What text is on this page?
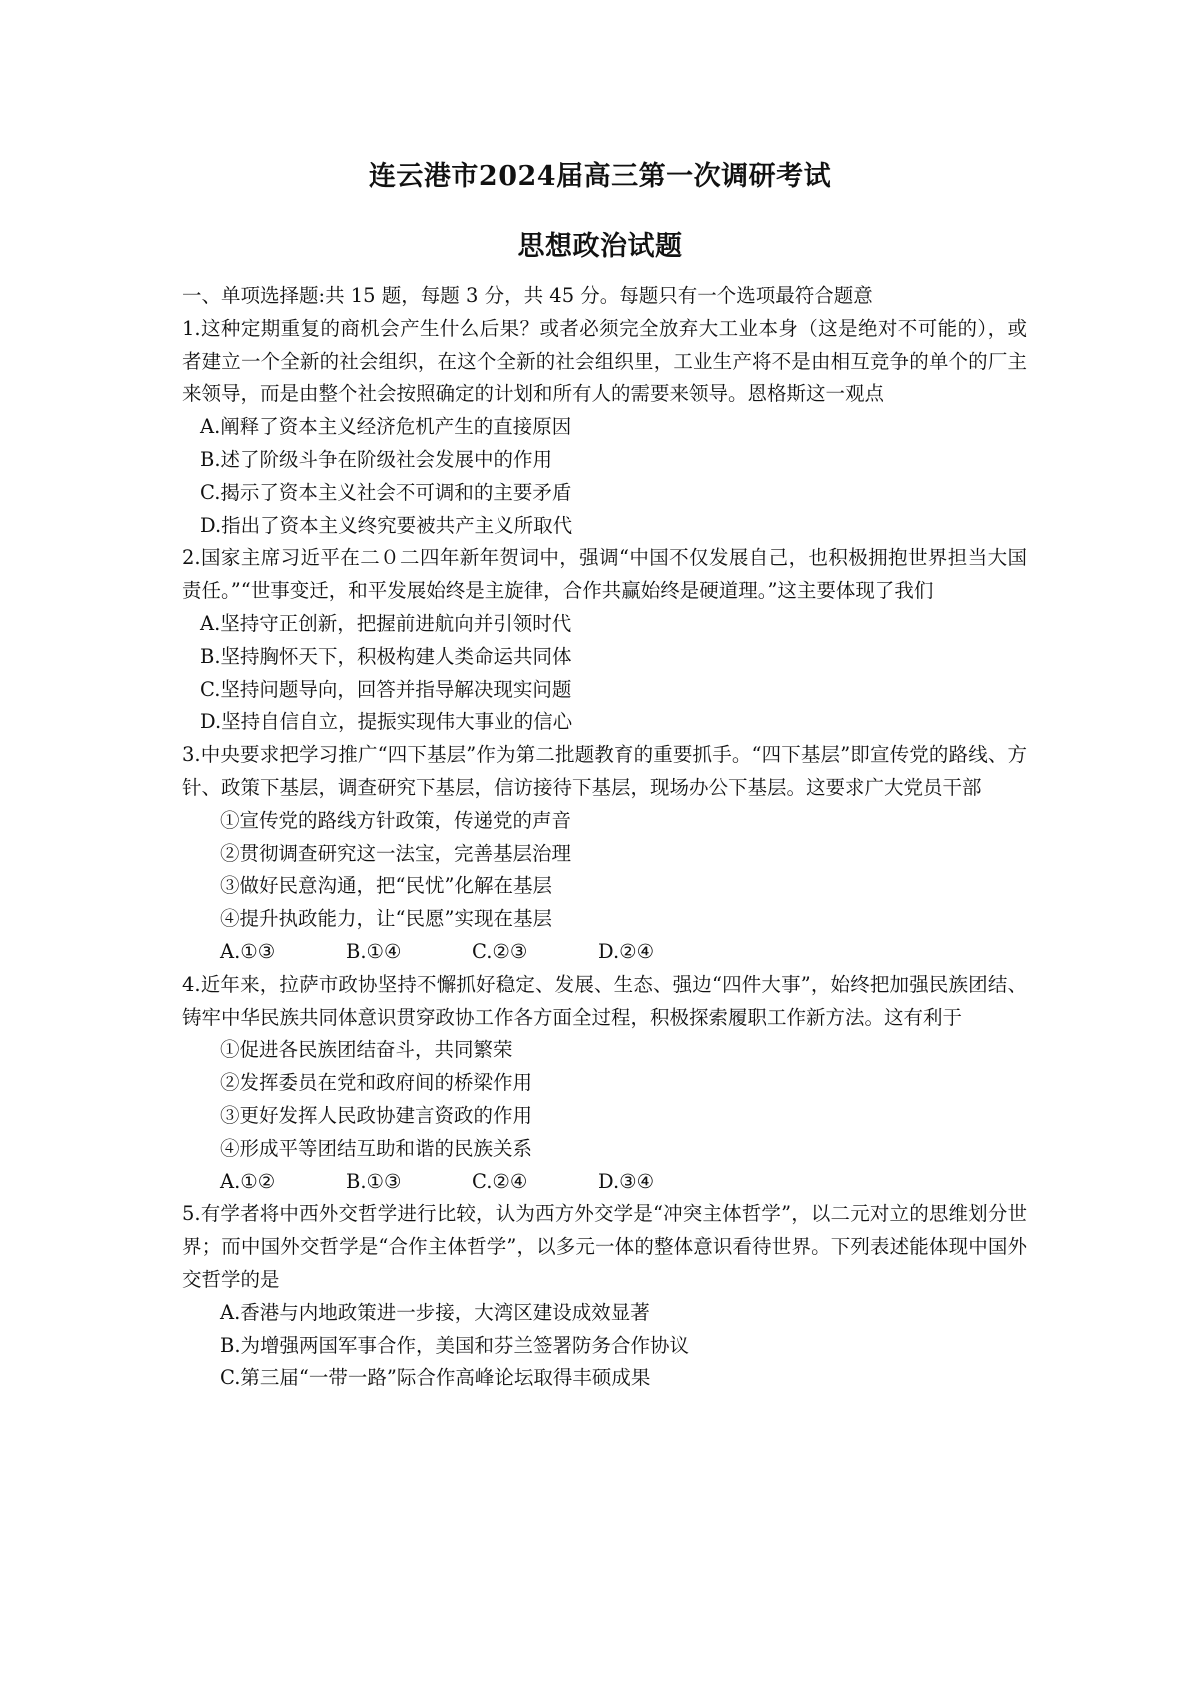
连云港市2024届高三第一次调研考试
思想政治试题
一、单项选择题:共 15 题，每题 3 分，共 45 分。每题只有一个选项最符合题意
1.这种定期重复的商机会产生什么后果？或者必须完全放弃大工业本身（这是绝对不可能的），或者建立一个全新的社会组织，在这个全新的社会组织里，工业生产将不是由相互竞争的单个的厂主来领导，而是由整个社会按照确定的计划和所有人的需要来领导。恩格斯这一观点
A.阐释了资本主义经济危机产生的直接原因
B.述了阶级斗争在阶级社会发展中的作用
C.揭示了资本主义社会不可调和的主要矛盾
D.指出了资本主义终究要被共产主义所取代
2.国家主席习近平在二０二四年新年贺词中，强调“中国不仅发展自己，也积极拥抱世界担当大国责任。”“世事变迁，和平发展始终是主旋律，合作共赢始终是硬道理。”这主要体现了我们
A.坚持守正创新，把握前进航向并引领时代
B.坚持胸怀天下，积极构建人类命运共同体
C.坚持问题导向，回答并指导解决现实问题
D.坚持自信自立，提振实现伟大事业的信心
3.中央要求把学习推广“四下基层”作为第二批题教育的重要抓手。“四下基层”即宣传党的路线、方针、政策下基层，调查研究下基层，信访接待下基层，现场办公下基层。这要求广大党员干部
①宣传党的路线方针政策，传递党的声音
②贯彻调查研究这一法宝，完善基层治理
③做好民意沟通，把“民忧”化解在基层
④提升执政能力，让“民愿”实现在基层
A.①③	B.①④	C.②③	D.②④
4.近年来，拉萨市政协坚持不懈抓好稳定、发展、生态、强边“四件大事”，始终把加强民族团结、铸牢中华民族共同体意识贯穿政协工作各方面全过程，积极探索履职工作新方法。这有利于
①促进各民族团结奋斗，共同繁荣
②发挥委员在党和政府间的桥梁作用
③更好发挥人民政协建言资政的作用
④形成平等团结互助和谐的民族关系
A.①②	B.①③	C.②④	D.③④
5.有学者将中西外交哲学进行比较，认为西方外交学是“冲突主体哲学”，以二元对立的思维划分世界；而中国外交哲学是“合作主体哲学”，以多元一体的整体意识看待世界。下列表述能体现中国外交哲学的是
A.香港与内地政策进一步接，大湾区建设成效显著
B.为增强两国军事合作，美国和芬兰签署防务合作协议
C.第三届“一带一路”际合作高峰论坛取得丰硕成果
